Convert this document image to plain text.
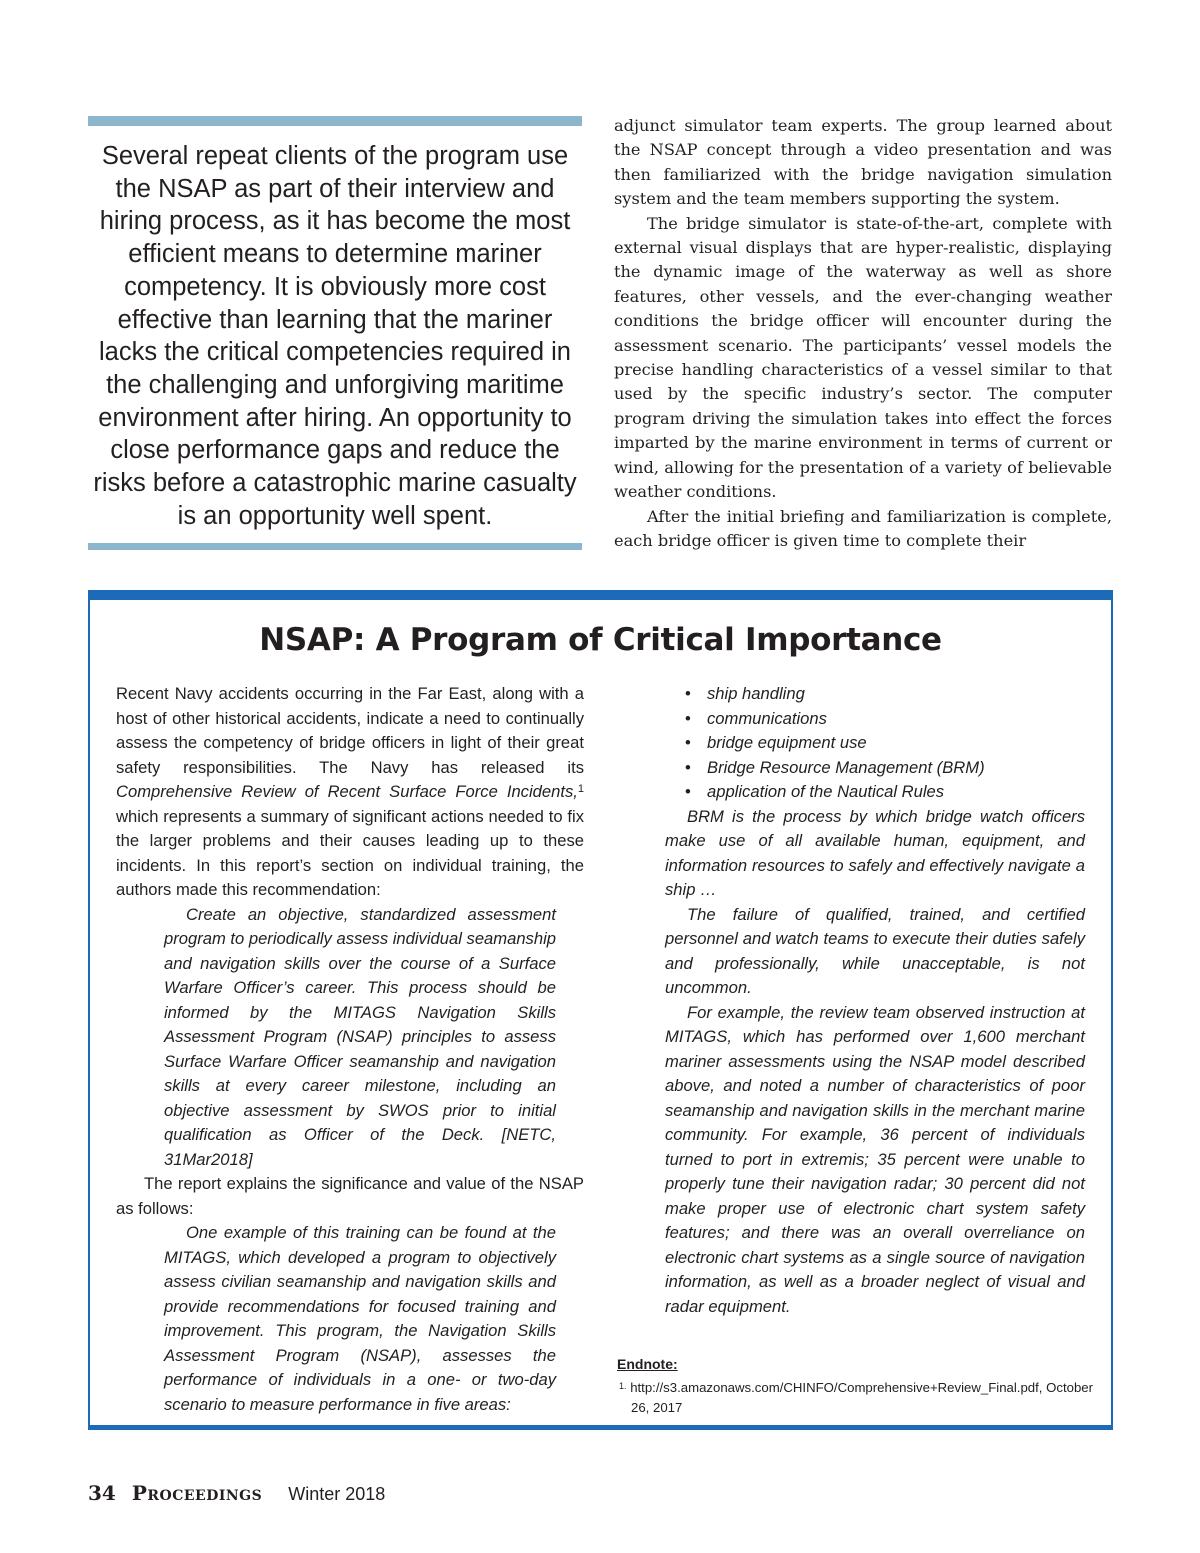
Several repeat clients of the program use the NSAP as part of their interview and hiring process, as it has become the most efficient means to determine mariner competency. It is obviously more cost effective than learning that the mariner lacks the critical competencies required in the challenging and unforgiving maritime environment after hiring. An opportunity to close performance gaps and reduce the risks before a catastrophic marine casualty is an opportunity well spent.

adjunct simulator team experts. The group learned about the NSAP concept through a video presentation and was then familiarized with the bridge navigation simulation system and the team members supporting the system.

The bridge simulator is state-of-the-art, complete with external visual displays that are hyper-realistic, displaying the dynamic image of the waterway as well as shore features, other vessels, and the ever-changing weather conditions the bridge officer will encounter during the assessment scenario. The participants’ vessel models the precise handling characteristics of a vessel similar to that used by the specific industry’s sector. The computer program driving the simulation takes into effect the forces imparted by the marine environment in terms of current or wind, allowing for the presentation of a variety of believable weather conditions.

After the initial briefing and familiarization is complete, each bridge officer is given time to complete their

NSAP: A Program of Critical Importance

Recent Navy accidents occurring in the Far East, along with a host of other historical accidents, indicate a need to continually assess the competency of bridge officers in light of their great safety responsibilities. The Navy has released its Comprehensive Review of Recent Surface Force Incidents,$^1$ which represents a summary of significant actions needed to fix the larger problems and their causes leading up to these incidents. In this report’s section on individual training, the authors made this recommendation:

Create an objective, standardized assessment program to periodically assess individual seamanship and navigation skills over the course of a Surface Warfare Officer’s career. This process should be informed by the MITAGS Navigation Skills Assessment Program (NSAP) principles to assess Surface Warfare Officer seamanship and navigation skills at every career milestone, including an objective assessment by SWOS prior to initial qualification as Officer of the Deck. [NETC, 31Mar2018]

The report explains the significance and value of the NSAP as follows:

One example of this training can be found at the MITAGS, which developed a program to objectively assess civilian seamanship and navigation skills and provide recommendations for focused training and improvement. This program, the Navigation Skills Assessment Program (NSAP), assesses the performance of individuals in a one- or two-day scenario to measure performance in five areas:

• ship handling
• communications
• bridge equipment use
• Bridge Resource Management (BRM)
• application of the Nautical Rules

BRM is the process by which bridge watch officers make use of all available human, equipment, and information resources to safely and effectively navigate a ship …

The failure of qualified, trained, and certified personnel and watch teams to execute their duties safely and professionally, while unacceptable, is not uncommon.

For example, the review team observed instruction at MITAGS, which has performed over 1,600 merchant mariner assessments using the NSAP model described above, and noted a number of characteristics of poor seamanship and navigation skills in the merchant marine community. For example, 36 percent of individuals turned to port in extremis; 35 percent were unable to properly tune their navigation radar; 30 percent did not make proper use of electronic chart system safety features; and there was an overall overreliance on electronic chart systems as a single source of navigation information, as well as a broader neglect of visual and radar equipment.

Endnote:

$^{1.}$ http://s3.amazonaws.com/CHINFO/Comprehensive+Review_Final.pdf, October 26, 2017

34 Proceedings Winter 2018
